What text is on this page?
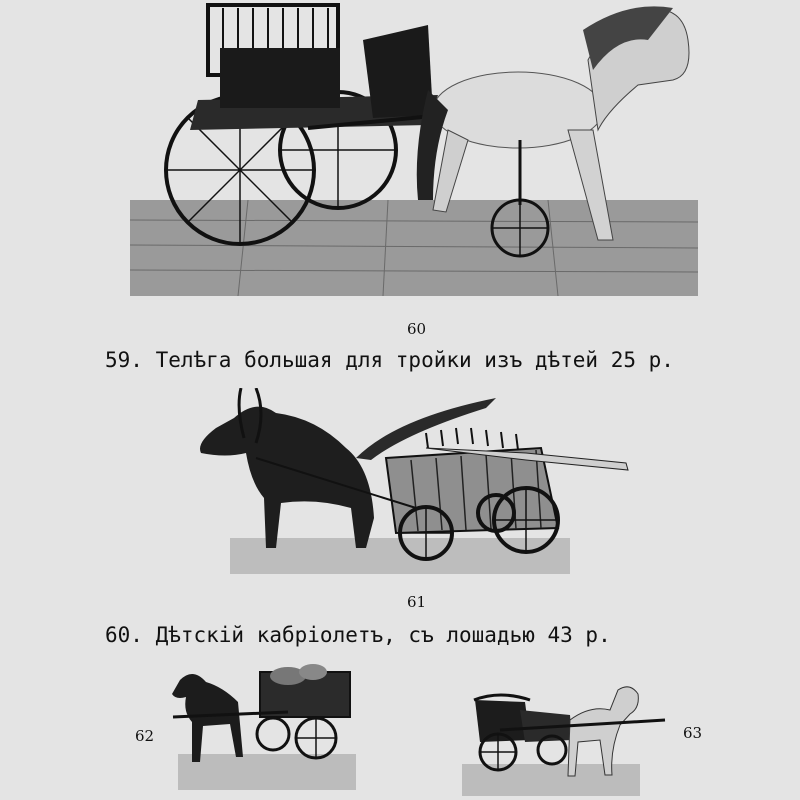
60
59. Телѣга большая для тройки изъ дѣтей 25 р.
61
60. Дѣтскій кабріолетъ, съ лошадью 43 р.
62	63
